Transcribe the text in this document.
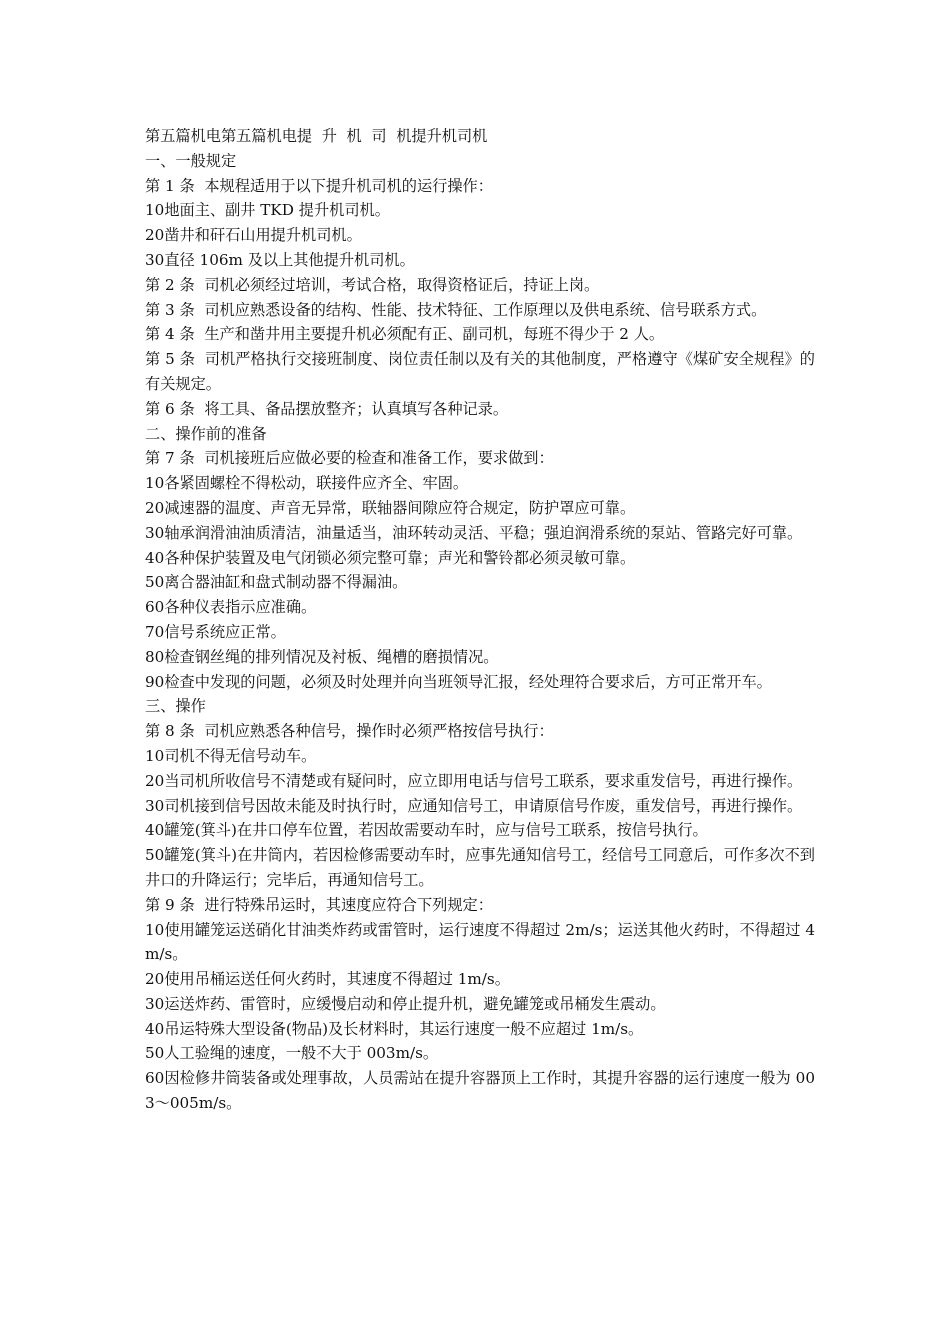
第五篇机电第五篇机电提  升  机  司  机提升机司机
一、一般规定
第 1 条  本规程适用于以下提升机司机的运行操作：
10地面主、副井 TKD 提升机司机。
20凿井和矸石山用提升机司机。
30直径 106m 及以上其他提升机司机。
第 2 条  司机必须经过培训，考试合格，取得资格证后，持证上岗。
第 3 条  司机应熟悉设备的结构、性能、技术特征、工作原理以及供电系统、信号联系方式。
第 4 条  生产和凿井用主要提升机必须配有正、副司机，每班不得少于 2 人。
第 5 条  司机严格执行交接班制度、岗位责任制以及有关的其他制度，严格遵守《煤矿安全规程》的有关规定。
第 6 条  将工具、备品摆放整齐；认真填写各种记录。
二、操作前的准备
第 7 条  司机接班后应做必要的检查和准备工作，要求做到：
10各紧固螺栓不得松动，联接件应齐全、牢固。
20减速器的温度、声音无异常，联轴器间隙应符合规定，防护罩应可靠。
30轴承润滑油油质清洁，油量适当，油环转动灵活、平稳；强迫润滑系统的泵站、管路完好可靠。
40各种保护装置及电气闭锁必须完整可靠；声光和警铃都必须灵敏可靠。
50离合器油缸和盘式制动器不得漏油。
60各种仪表指示应准确。
70信号系统应正常。
80检查钢丝绳的排列情况及衬板、绳槽的磨损情况。
90检查中发现的问题，必须及时处理并向当班领导汇报，经处理符合要求后，方可正常开车。
三、操作
第 8 条  司机应熟悉各种信号，操作时必须严格按信号执行：
10司机不得无信号动车。
20当司机所收信号不清楚或有疑问时，应立即用电话与信号工联系，要求重发信号，再进行操作。
30司机接到信号因故未能及时执行时，应通知信号工，申请原信号作废，重发信号，再进行操作。
40罐笼(箕斗)在井口停车位置，若因故需要动车时，应与信号工联系，按信号执行。
50罐笼(箕斗)在井筒内，若因检修需要动车时，应事先通知信号工，经信号工同意后，可作多次不到井口的升降运行；完毕后，再通知信号工。
第 9 条  进行特殊吊运时，其速度应符合下列规定：
10使用罐笼运送硝化甘油类炸药或雷管时，运行速度不得超过 2m/s；运送其他火药时，不得超过 4m/s。
20使用吊桶运送任何火药时，其速度不得超过 1m/s。
30运送炸药、雷管时，应缓慢启动和停止提升机，避免罐笼或吊桶发生震动。
40吊运特殊大型设备(物品)及长材料时，其运行速度一般不应超过 1m/s。
50人工验绳的速度，一般不大于 003m/s。
60因检修井筒装备或处理事故，人员需站在提升容器顶上工作时，其提升容器的运行速度一般为 003～005m/s。
